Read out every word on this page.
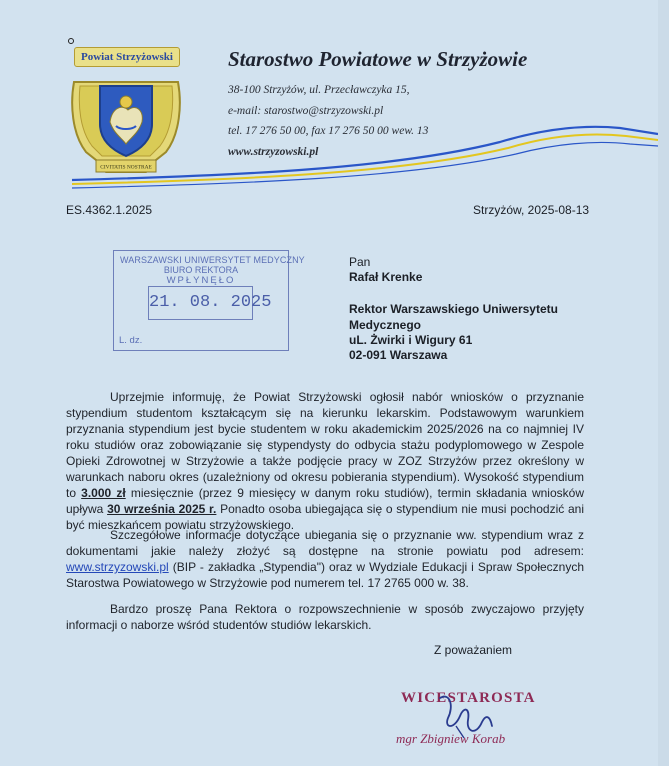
Powiat Strzyżowski
CIVITATIS NOSTRAE
Starostwo Powiatowe w Strzyżowie
38-100 Strzyżów, ul. Przecławczyka 15,
e-mail: starostwo@strzyzowski.pl
tel. 17 276 50 00, fax 17 276 50 00 wew. 13
www.strzyzowski.pl
ES.4362.1.2025	Strzyżów, 2025-08-13
WARSZAWSKI UNIWERSYTET MEDYCZNY
BIURO REKTORA
WPŁYNĘŁO
21. 08. 2025
L. dz.
Pan
Rafał Krenke
Rektor Warszawskiego Uniwersytetu
Medycznego
uL. Żwirki i Wigury 61
02-091 Warszawa
Uprzejmie informuję, że Powiat Strzyżowski ogłosił nabór wniosków o przyznanie stypendium studentom kształcącym się na kierunku lekarskim. Podstawowym warunkiem przyznania stypendium jest bycie studentem w roku akademickim 2025/2026 na co najmniej IV roku studiów oraz zobowiązanie się stypendysty do odbycia stażu podyplomowego w Zespole Opieki Zdrowotnej w Strzyżowie a także podjęcie pracy w ZOZ Strzyżów przez określony w warunkach naboru okres (uzależniony od okresu pobierania stypendium). Wysokość stypendium to 3.000 zł miesięcznie (przez 9 miesięcy w danym roku studiów), termin składania wniosków upływa 30 września 2025 r. Ponadto osoba ubiegająca się o stypendium nie musi pochodzić ani być mieszkańcem powiatu strzyżowskiego.
Szczegółowe informacje dotyczące ubiegania się o przyznanie ww. stypendium wraz z dokumentami jakie należy złożyć są dostępne na stronie powiatu pod adresem: www.strzyzowski.pl (BIP - zakładka „Stypendia") oraz w Wydziale Edukacji i Spraw Społecznych Starostwa Powiatowego w Strzyżowie pod numerem tel. 17 2765 000 w. 38.
Bardzo proszę Pana Rektora o rozpowszechnienie w sposób zwyczajowo przyjęty informacji o naborze wśród studentów studiów lekarskich.
Z poważaniem
WICESTAROSTA
mgr Zbigniew Korab
